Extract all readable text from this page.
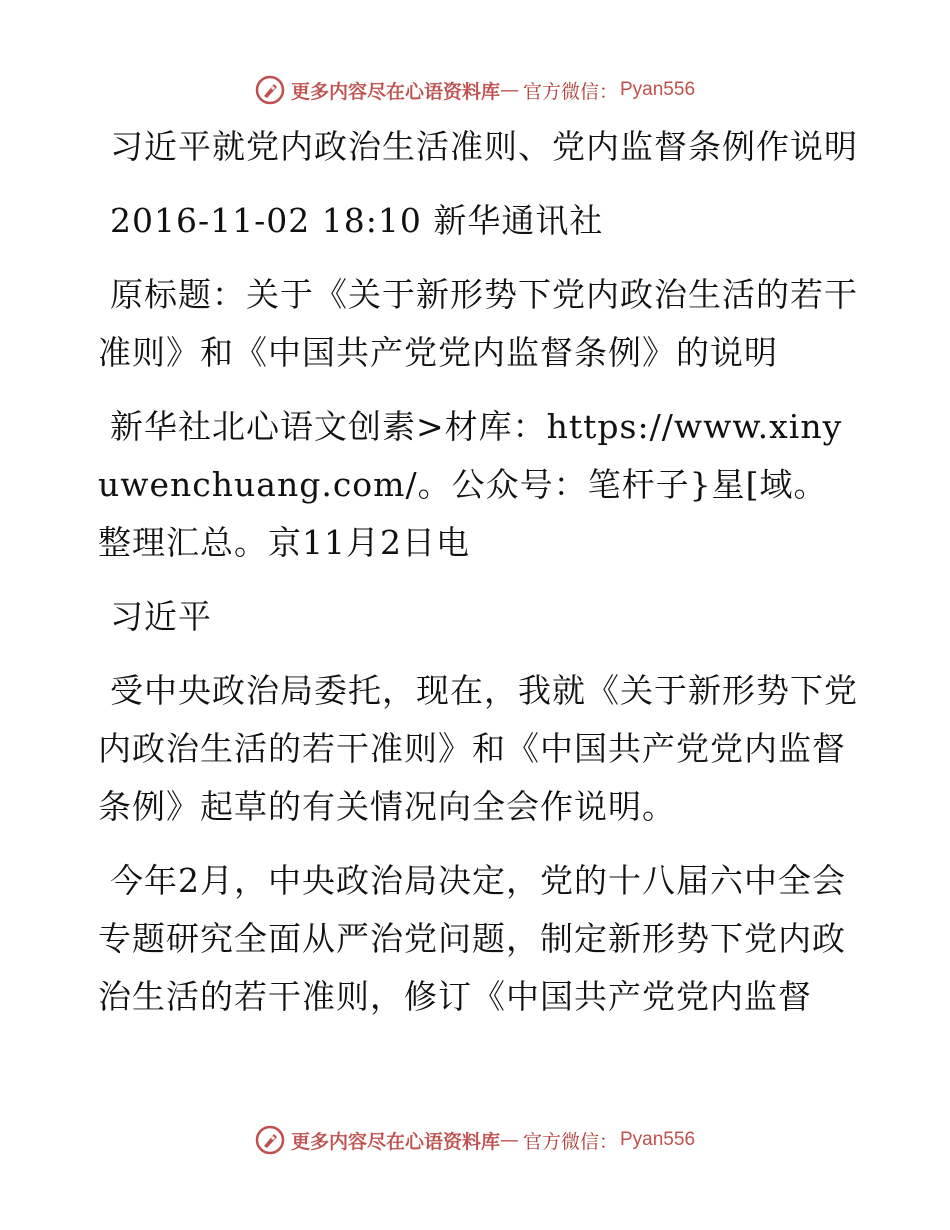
更多内容尽在心语资料库 — 官方微信： Pyan556

习近平就党内政治生活准则、党内监督条例作说明

2016-11-02 18:10 新华通讯社

原标题：关于《关于新形势下党内政治生活的若干准则》和《中国共产党党内监督条例》的说明

新华社北心语文创素>材库：https://www.xinyuwenchuang.com/。公众号：笔杆子}星[域。整理汇总。京11月2日电

习近平

受中央政治局委托，现在，我就《关于新形势下党内政治生活的若干准则》和《中国共产党党内监督条例》起草的有关情况向全会作说明。

今年2月，中央政治局决定，党的十八届六中全会专题研究全面从严治党问题，制定新形势下党内政治生活的若干准则，修订《中国共产党党内监督

更多内容尽在心语资料库 — 官方微信： Pyan556
